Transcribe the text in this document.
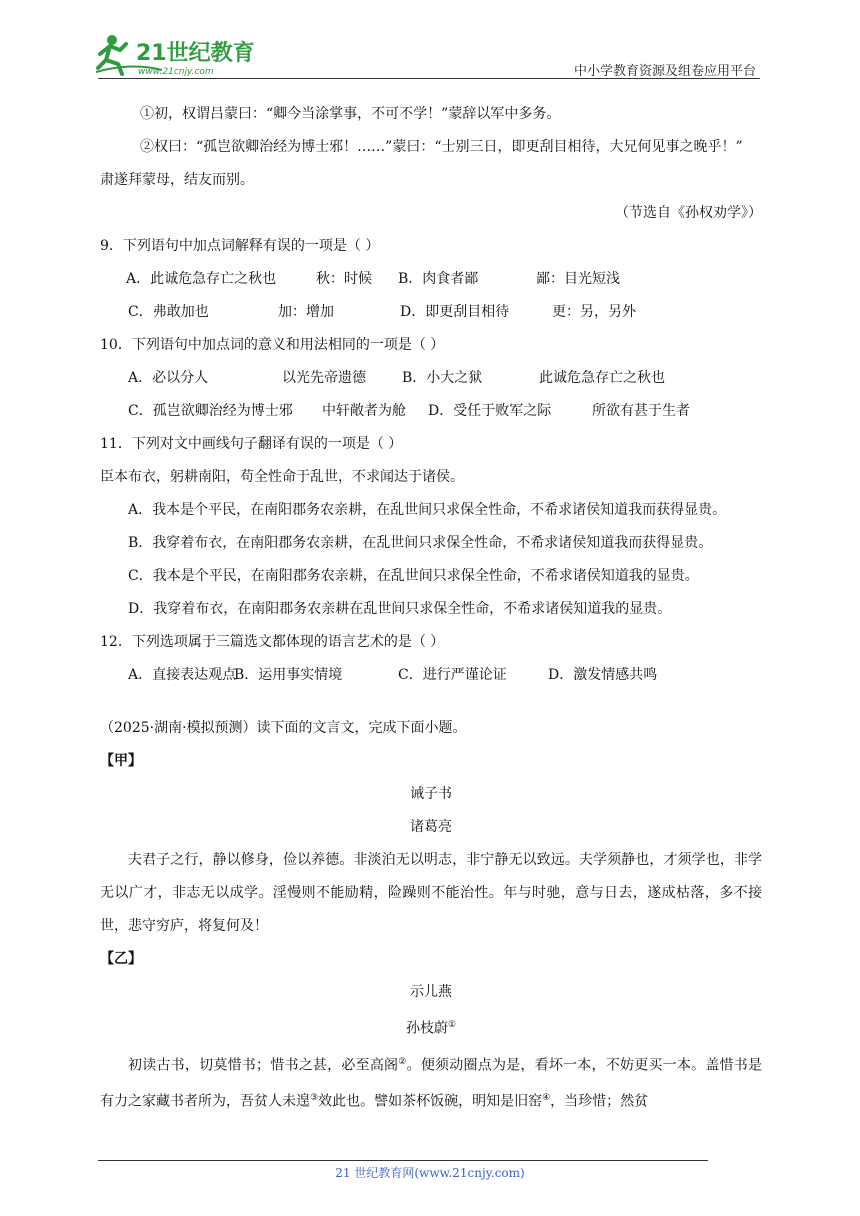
21世纪教育
www.21cnjy.com	中小学教育资源及组卷应用平台
①初，权谓吕蒙曰：“卿今当涂掌事，不可不学！”蒙辞以军中多务。
②权曰：“孤岂欲卿治经为博士邪！……”蒙曰：“士别三日，即更刮目相待，大兄何见事之晚乎！”
肃遂拜蒙母，结友而别。
（节选自《孙权劝学》）
9．下列语句中加点词解释有误的一项是（ ）
A．此诚危急存亡之秋也	秋：时候	B．肉食者鄙	鄙：目光短浅
C．弗敢加也	加：增加	D．即更刮目相待	更：另，另外
10．下列语句中加点词的意义和用法相同的一项是（ ）
A．必以分人	以光先帝遗德	B．小大之狱	此诚危急存亡之秋也
C．孤岂欲卿治经为博士邪	中轩敞者为舱	D．受任于败军之际	所欲有甚于生者
11．下列对文中画线句子翻译有误的一项是（ ）
臣本布衣，躬耕南阳，苟全性命于乱世，不求闻达于诸侯。
A．我本是个平民，在南阳郡务农亲耕，在乱世间只求保全性命，不希求诸侯知道我而获得显贵。
B．我穿着布衣，在南阳郡务农亲耕，在乱世间只求保全性命，不希求诸侯知道我而获得显贵。
C．我本是个平民，在南阳郡务农亲耕，在乱世间只求保全性命，不希求诸侯知道我的显贵。
D．我穿着布衣，在南阳郡务农亲耕在乱世间只求保全性命，不希求诸侯知道我的显贵。
12．下列选项属于三篇选文都体现的语言艺术的是（ ）
A．直接表达观点
B．运用事实情境	C．进行严谨论证	D．激发情感共鸣
（2025·湖南·模拟预测）读下面的文言文，完成下面小题。
【甲】
诫子书
诸葛亮
夫君子之行，静以修身，俭以养德。非淡泊无以明志，非宁静无以致远。夫学须静也，才须学也，非学无以广才，非志无以成学。淫慢则不能励精，险躁则不能治性。年与时驰，意与日去，遂成枯落，多不接世，悲守穷庐，将复何及！
【乙】
示儿燕
孙枝蔚①
初读古书，切莫惜书；惜书之甚，必至高阁②。便须动圈点为是，看坏一本，不妨更买一本。盖惜书是有力之家藏书者所为，吾贫人未遑③效此也。譬如茶杯饭碗，明知是旧窑④，当珍惜；然贫
21 世纪教育网(www.21cnjy.com)
